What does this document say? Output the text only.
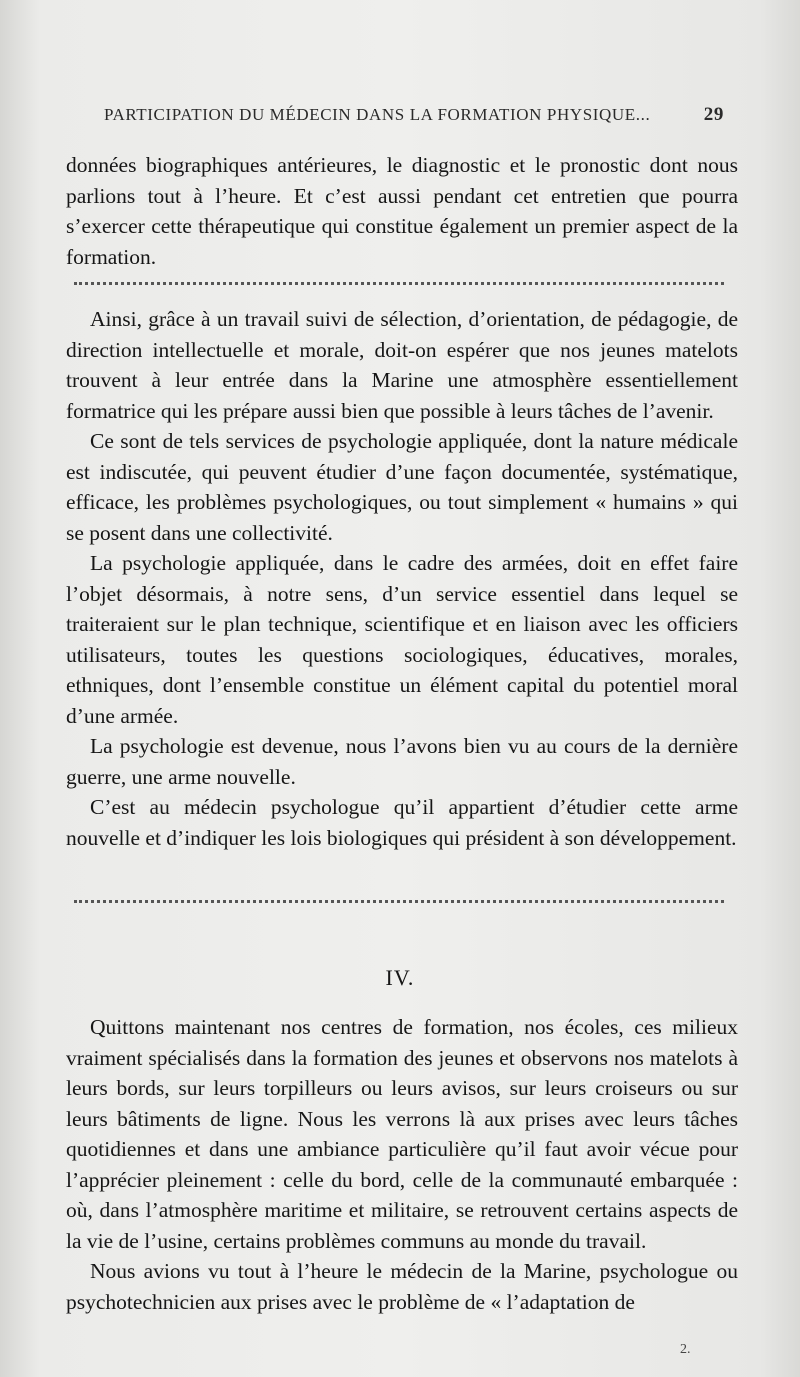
PARTICIPATION DU MÉDECIN DANS LA FORMATION PHYSIQUE...	29

données biographiques antérieures, le diagnostic et le pronostic dont nous parlions tout à l’heure. Et c’est aussi pendant cet entretien que pourra s’exercer cette thérapeutique qui constitue également un premier aspect de la formation.

Ainsi, grâce à un travail suivi de sélection, d’orientation, de pédagogie, de direction intellectuelle et morale, doit-on espérer que nos jeunes matelots trouvent à leur entrée dans la Marine une atmosphère essentiellement formatrice qui les prépare aussi bien que possible à leurs tâches de l’avenir.

Ce sont de tels services de psychologie appliquée, dont la nature médicale est indiscutée, qui peuvent étudier d’une façon documentée, systématique, efficace, les problèmes psychologiques, ou tout simplement « humains » qui se posent dans une collectivité.

La psychologie appliquée, dans le cadre des armées, doit en effet faire l’objet désormais, à notre sens, d’un service essentiel dans lequel se traiteraient sur le plan technique, scientifique et en liaison avec les officiers utilisateurs, toutes les questions sociologiques, éducatives, morales, ethniques, dont l’ensemble constitue un élément capital du potentiel moral d’une armée.

La psychologie est devenue, nous l’avons bien vu au cours de la dernière guerre, une arme nouvelle.

C’est au médecin psychologue qu’il appartient d’étudier cette arme nouvelle et d’indiquer les lois biologiques qui président à son développement.

IV.

Quittons maintenant nos centres de formation, nos écoles, ces milieux vraiment spécialisés dans la formation des jeunes et observons nos matelots à leurs bords, sur leurs torpilleurs ou leurs avisos, sur leurs croiseurs ou sur leurs bâtiments de ligne. Nous les verrons là aux prises avec leurs tâches quotidiennes et dans une ambiance particulière qu’il faut avoir vécue pour l’apprécier pleinement : celle du bord, celle de la communauté embarquée : où, dans l’atmosphère maritime et militaire, se retrouvent certains aspects de la vie de l’usine, certains problèmes communs au monde du travail.

Nous avions vu tout à l’heure le médecin de la Marine, psychologue ou psychotechnicien aux prises avec le problème de « l’adaptation de

2.
